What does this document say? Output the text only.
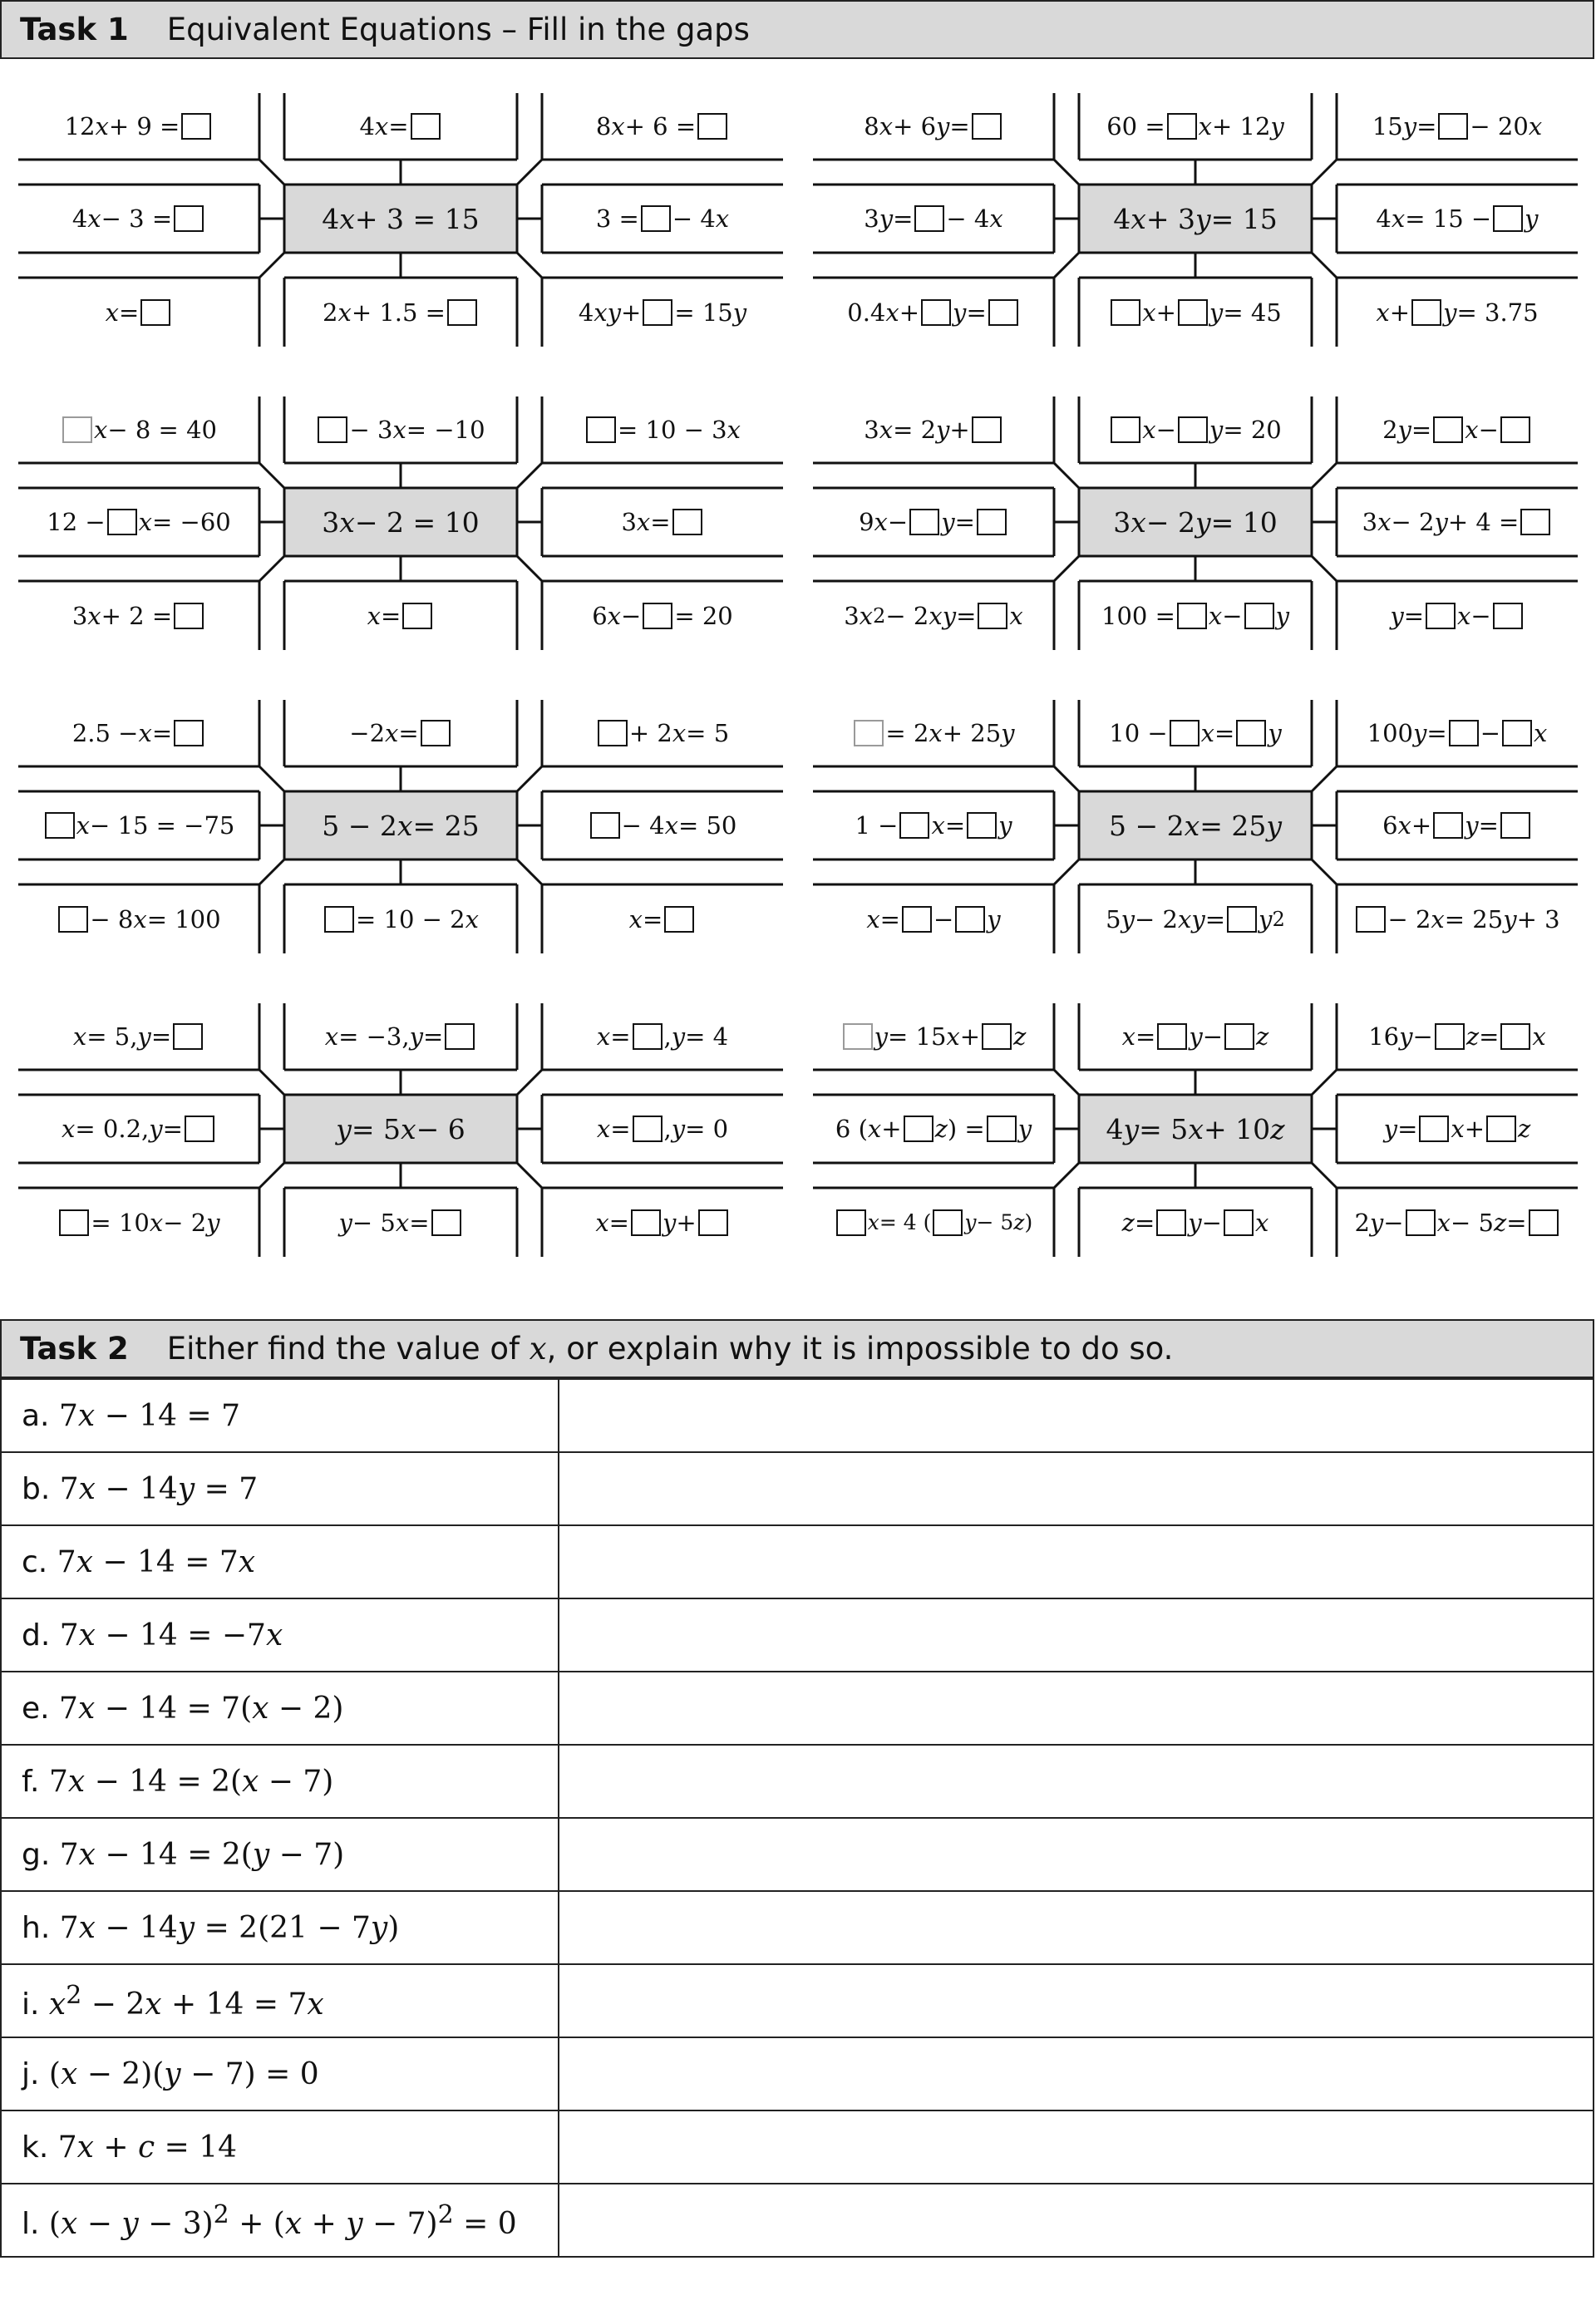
Task 1 Equivalent Equations – Fill in the gaps
4 x + 3 = 15
12 x + 9 =	4 x =	8 x + 6 =
4 x − 3 =	3 =
− 4 x
x =	2 x + 1.5 =	4 xy +
= 15 y
4 x + 3 y = 15
8 x + 6 y =	60 = x + 12 y	15 y =
− 20 x
3 y =
− 4 x	4 x = 15 − y
0.4 x + y =	x + y = 45	x + y = 3.75
3 x − 2 = 10
x − 8 = 40	− 3 x = −10	= 10 − 3 x
12 − x = −60	3 x =
3 x + 2 =	x =	6 x −
= 20
3 x − 2 y = 10
3 x = 2 y +	x − y = 20	2 y = x −
9 x − y =	3 x − 2 y + 4 =
3 x 2 − 2 xy = x	100 = x − y	y = x −
5 − 2 x = 25
2.5 − x =	−2 x =	+ 2 x = 5
x − 15 = −75	− 4 x = 50
− 8 x = 100	= 10 − 2 x	x =
5 − 2 x = 25 y
= 2 x + 25 y	10 − x = y	100 y =
− x
1 − x = y	6 x + y =
x =
− y	5 y − 2 xy = y 2	− 2 x = 25 y + 3
y = 5 x − 6
x = 5, y =	x = −3, y =	x =
, y = 4
x = 0.2, y =	x =
, y = 0
= 10 x − 2 y	y − 5 x =	x = y +
4 y = 5 x + 10 z
y = 15 x + z	x = y − z	16 y − z = x
6 ( x + z ) = y	y = x + z
x = 4 ( y − 5 z )	z = y − x	2 y − x − 5 z =
Task 2 Either find the value of x, or explain why it is impossible to do so.
a. 7x − 14 = 7	
b. 7x − 14y = 7	
c. 7x − 14 = 7x	
d. 7x − 14 = −7x	
e. 7x − 14 = 7(x − 2)	
f. 7x − 14 = 2(x − 7)	
g. 7x − 14 = 2(y − 7)	
h. 7x − 14y = 2(21 − 7y)	
i. $x^2 - 2x + 14 = 7x$	
j. (x − 2)(y − 7) = 0	
k. 7x + c = 14	
l. $(x - y - 3)^2 + (x + y - 7)^2 = 0$	
